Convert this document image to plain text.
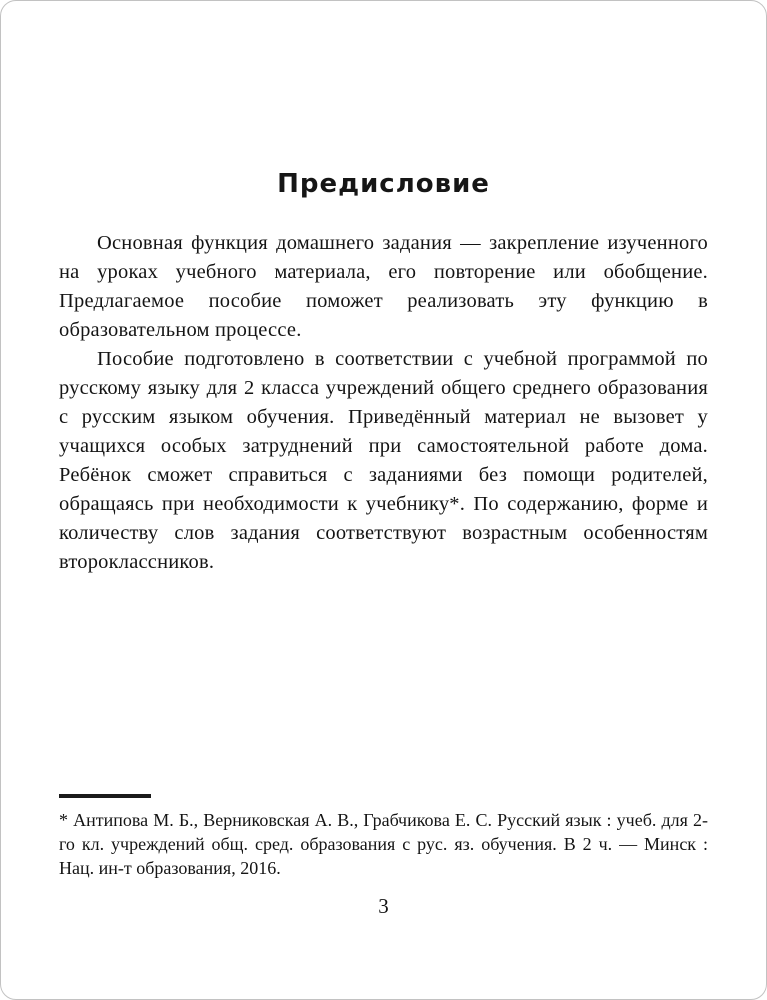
Предисловие

Основная функция домашнего задания — закрепление изученного на уроках учебного материала, его повторение или обобщение. Предлагаемое пособие поможет реализовать эту функцию в образовательном процессе.

Пособие подготовлено в соответствии с учебной программой по русскому языку для 2 класса учреждений общего среднего образования с русским языком обучения. Приведённый материал не вызовет у учащихся особых затруднений при самостоятельной работе дома. Ребёнок сможет справиться с заданиями без помощи родителей, обращаясь при необходимости к учебнику*. По содержанию, форме и количеству слов задания соответствуют возрастным особенностям второклассников.

* Антипова М. Б., Верниковская А. В., Грабчикова Е. С. Русский язык : учеб. для 2-го кл. учреждений общ. сред. образования с рус. яз. обучения. В 2 ч. — Минск : Нац. ин-т образования, 2016.

3
